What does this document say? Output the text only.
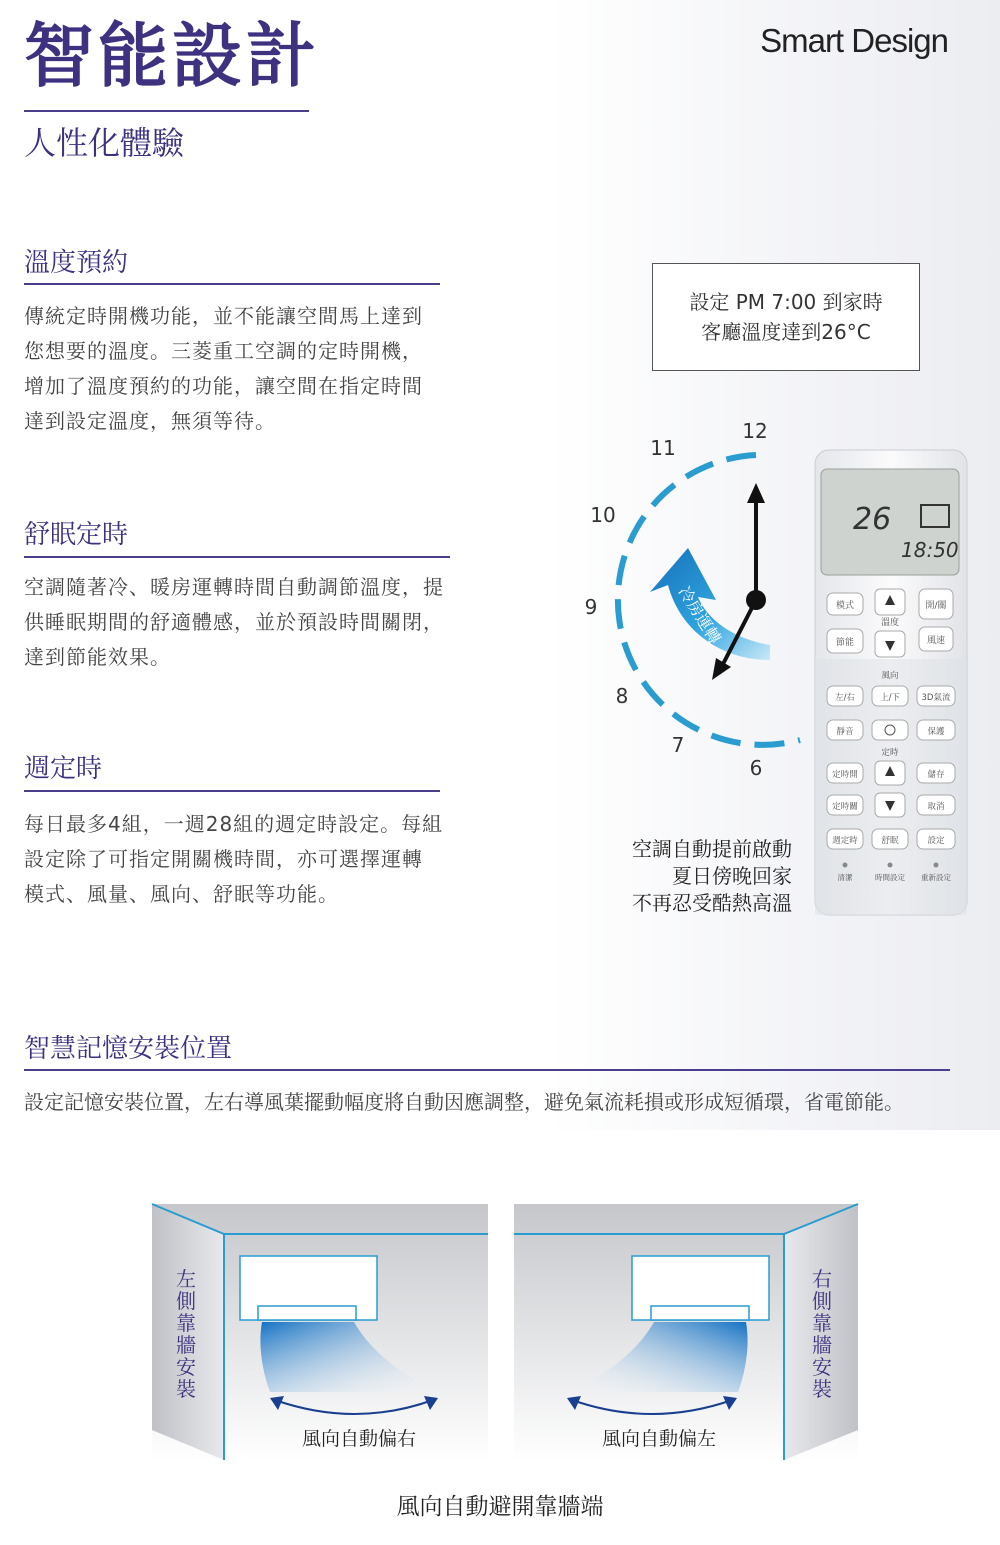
智能設計
人性化體驗
Smart Design
溫度預約
傳統定時開機功能，並不能讓空間馬上達到
您想要的溫度。三菱重工空調的定時開機，
增加了溫度預約的功能，讓空間在指定時間
達到設定溫度，無須等待。
舒眠定時
空調隨著冷、暖房運轉時間自動調節溫度，提
供睡眠期間的舒適體感，並於預設時間關閉，
達到節能效果。
週定時
每日最多4組，一週28組的週定時設定。每組
設定除了可指定開關機時間，亦可選擇運轉
模式、風量、風向、舒眠等功能。
設定 PM 7:00 到家時
客廳溫度達到26°C
冷房運轉
12
11
10
9
8
7
6
26
18:50
模式
溫度
開/關
節能	風速
風向
左/右	上/下	3D氣流
靜音	保護
定時
定時開	儲存
定時關	取消
週定時	舒眠	設定
清潔	時間設定 重新設定
空調自動提前啟動
夏日傍晚回家
不再忍受酷熱高溫
智慧記憶安裝位置
設定記憶安裝位置，左右導風葉擺動幅度將自動因應調整，避免氣流耗損或形成短循環，省電節能。
左側靠牆安裝
風向自動偏右
右側靠牆安裝
風向自動偏左
風向自動避開靠牆端
